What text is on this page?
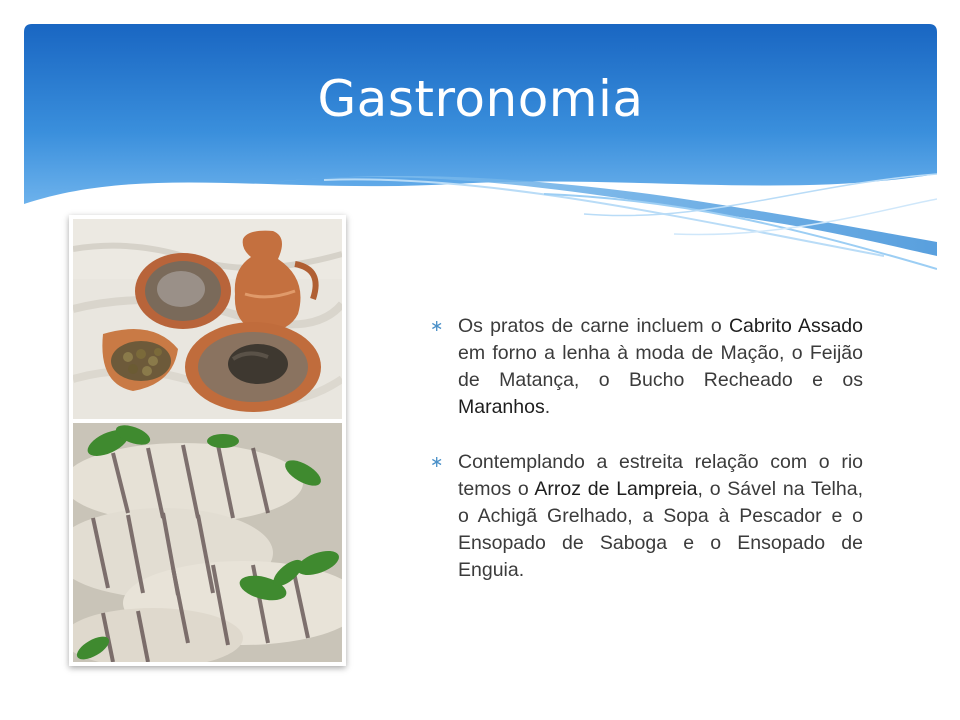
Gastronomia
∗ Os pratos de carne incluem o Cabrito Assado em forno a lenha à moda de Mação, o Feijão de Matança, o Bucho Recheado e os Maranhos.
∗ Contemplando a estreita relação com o rio temos o Arroz de Lampreia, o Sável na Telha, o Achigã Grelhado, a Sopa à Pescador e o Ensopado de Saboga e o Ensopado de Enguia.
